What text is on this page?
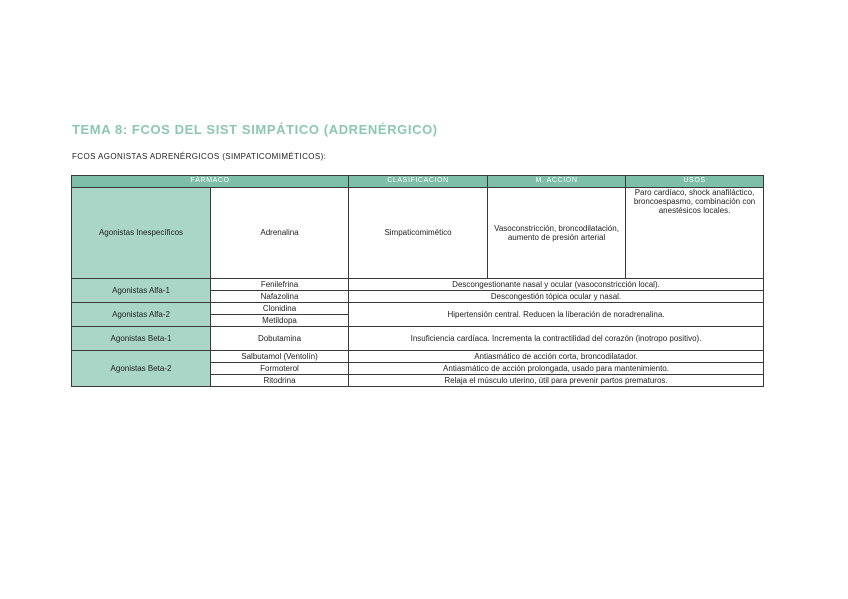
TEMA 8: FCOS DEL SIST SIMPÁTICO (ADRENÉRGICO)

FCOS AGONISTAS ADRENÉRGICOS (SIMPATICOMIMÉTICOS):

FÁRMACO		CLASIFICACIÓN	M. ACCIÓN	USOS
Agonistas Inespecíficos	Adrenalina	Simpaticomimético	Vasoconstricción, broncodilatación, aumento de presión arterial	Paro cardíaco, shock anafiláctico, broncoespasmo, combinación con anestésicos locales.
Agonistas Alfa-1	Fenilefrina	Descongestionante nasal y ocular (vasoconstricción local).		
	Nafazolina	Descongestión tópica ocular y nasal.		
Agonistas Alfa-2	Clonidina	Hipertensión central. Reducen la liberación de noradrenalina.		
	Metildopa			
Agonistas Beta-1	Dobutamina	Insuficiencia cardíaca. Incrementa la contractilidad del corazón (inotropo positivo).		
Agonistas Beta-2	Salbutamol (Ventolín)	Antiasmático de acción corta, broncodilatador.		
	Formoterol	Antiasmático de acción prolongada, usado para mantenimiento.		
	Ritodrina	Relaja el músculo uterino, útil para prevenir partos prematuros.		
